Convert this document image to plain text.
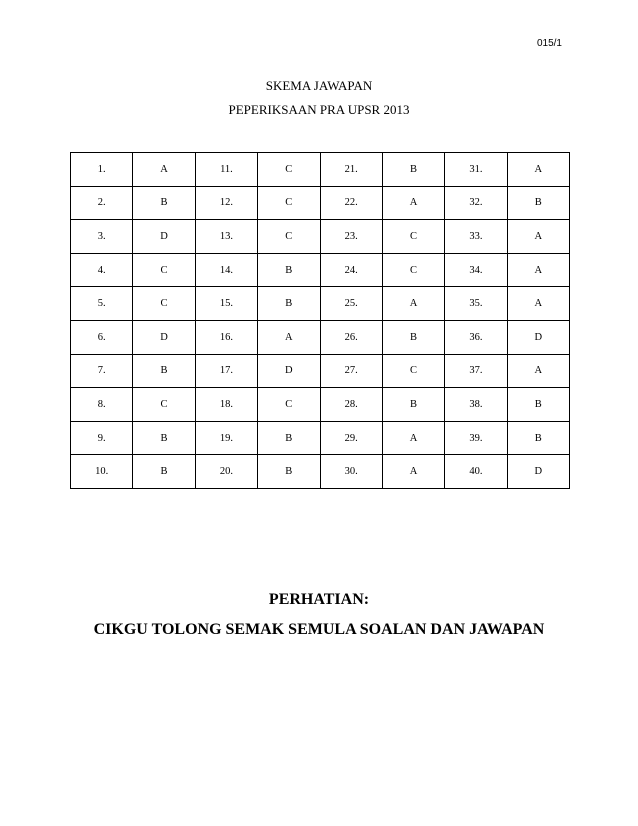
015/1
SKEMA JAWAPAN
PEPERIKSAAN PRA UPSR 2013
1.	A	11.	C	21.	B	31.	A
2.	B	12.	C	22.	A	32.	B
3.	D	13.	C	23.	C	33.	A
4.	C	14.	B	24.	C	34.	A
5.	C	15.	B	25.	A	35.	A
6.	D	16.	A	26.	B	36.	D
7.	B	17.	D	27.	C	37.	A
8.	C	18.	C	28.	B	38.	B
9.	B	19.	B	29.	A	39.	B
10.	B	20.	B	30.	A	40.	D
PERHATIAN:
CIKGU TOLONG SEMAK SEMULA SOALAN DAN JAWAPAN
